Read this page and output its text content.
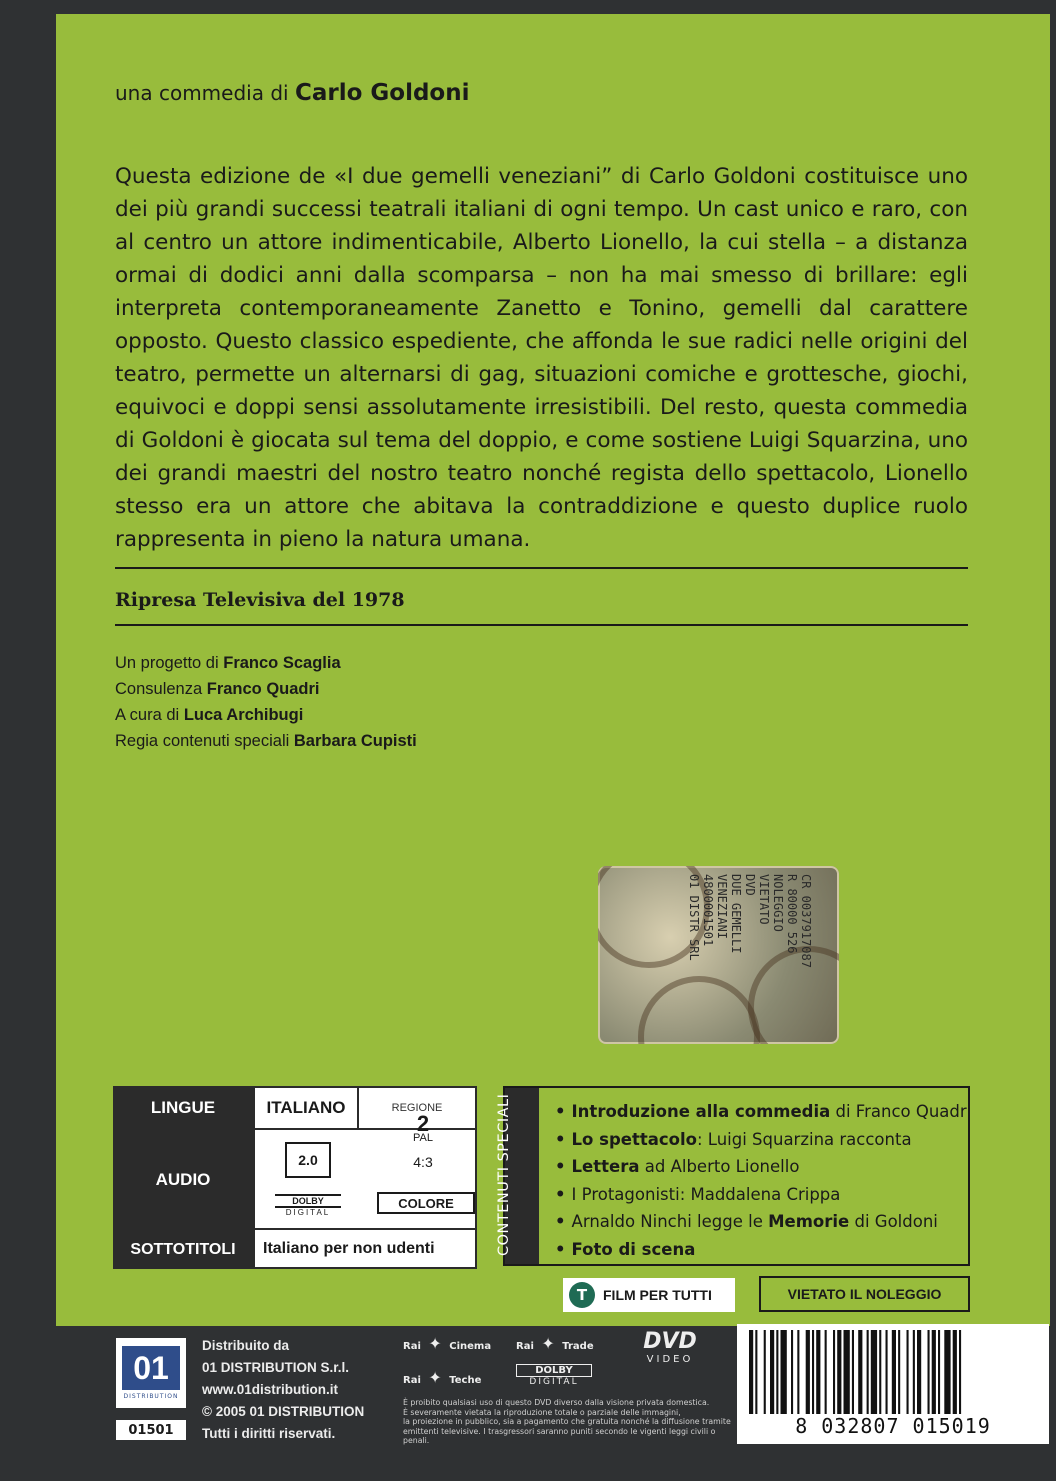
una commedia di Carlo Goldoni
Questa edizione de «I due gemelli veneziani” di Carlo Goldoni costituisce uno dei più grandi successi teatrali italiani di ogni tempo. Un cast unico e raro, con al centro un attore indimenticabile, Alberto Lionello, la cui stella – a distanza ormai di dodici anni dalla scomparsa – non ha mai smesso di brillare: egli interpreta contemporaneamente Zanetto e Tonino, gemelli dal carattere opposto. Questo classico espediente, che affonda le sue radici nelle origini del teatro, permette un alternarsi di gag, situazioni comiche e grottesche, giochi, equivoci e doppi sensi assolutamente irresistibili. Del resto, questa commedia di Goldoni è giocata sul tema del doppio, e come sostiene Luigi Squarzina, uno dei grandi maestri del nostro teatro nonché regista dello spettacolo, Lionello stesso era un attore che abitava la contraddizione e questo duplice ruolo rappresenta in pieno la natura umana.
Ripresa Televisiva del 1978
Un progetto di Franco Scaglia
Consulenza Franco Quadri
A cura di Luca Archibugi
Regia contenuti speciali Barbara Cupisti
CR 0037917087
R 80000 526
NOLEGGIO
VIETATO
DVD
DUE GEMELLI
VENEZIANI
4800001501
01 DISTR SRL
LINGUE	ITALIANO	REGIONE
AUDIO
2.0
DOLBY
DIGITAL
2
PAL
4:3
COLORE
SOTTOTITOLI	Italiano per non udenti	CONTENUTI SPECIALI
•	Introduzione alla commedia di Franco Quadri
• Lo spettacolo: Luigi Squarzina racconta
• Lettera ad Alberto Lionello
• I Protagonisti: Maddalena Crippa
• Arnaldo Ninchi legge le Memorie di Goldoni
• Foto di scena
T	FILM PER TUTTI	VIETATO IL NOLEGGIO
01
DISTRIBUTION
01501
Distribuito da
01 DISTRIBUTION S.r.l.
www.01distribution.it
© 2005 01 DISTRIBUTION
Tutti i diritti riservati.
Rai ✦ Cinema Rai ✦ Trade
Rai ✦ Teche
DOLBY
DIGITAL
DVD
VIDEO
È proibito qualsiasi uso di questo DVD diverso dalla visione privata domestica.
È severamente vietata la riproduzione totale o parziale delle immagini,
la proiezione in pubblico, sia a pagamento che gratuita nonché la diffusione tramite
emittenti televisive. I trasgressori saranno puniti secondo le vigenti leggi civili o penali.
8 032807 015019
